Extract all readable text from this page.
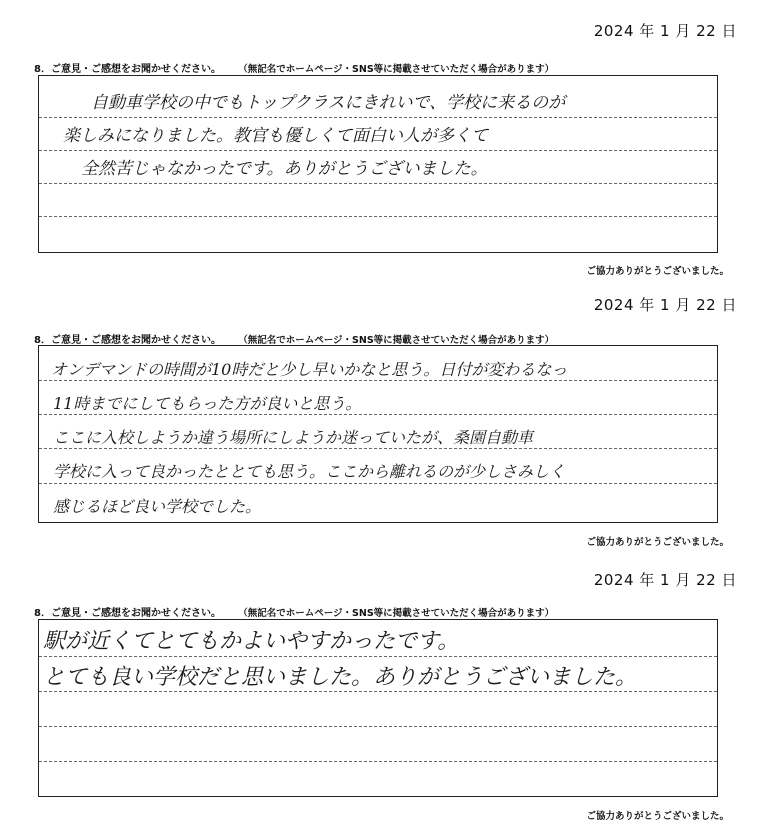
2024 年 1 月 22 日
8．ご意見・ご感想をお聞かせください。 （無記名でホームページ・SNS等に掲載させていただく場合があります）
自動車学校の中でもトップクラスにきれいで、学校に来るのが
楽しみになりました。教官も優しくて面白い人が多くて
全然苦じゃなかったです。ありがとうございました。
ご協力ありがとうございました。
2024 年 1 月 22 日
8．ご意見・ご感想をお聞かせください。 （無記名でホームページ・SNS等に掲載させていただく場合があります）
オンデマンドの時間が10時だと少し早いかなと思う。日付が変わるなっ
11時までにしてもらった方が良いと思う。
ここに入校しようか違う場所にしようか迷っていたが、桑園自動車
学校に入って良かったととても思う。ここから離れるのが少しさみしく
感じるほど良い学校でした。
ご協力ありがとうございました。
2024 年 1 月 22 日
8．ご意見・ご感想をお聞かせください。 （無記名でホームページ・SNS等に掲載させていただく場合があります）
駅が近くてとてもかよいやすかったです。
とても良い学校だと思いました。ありがとうございました。
ご協力ありがとうございました。
